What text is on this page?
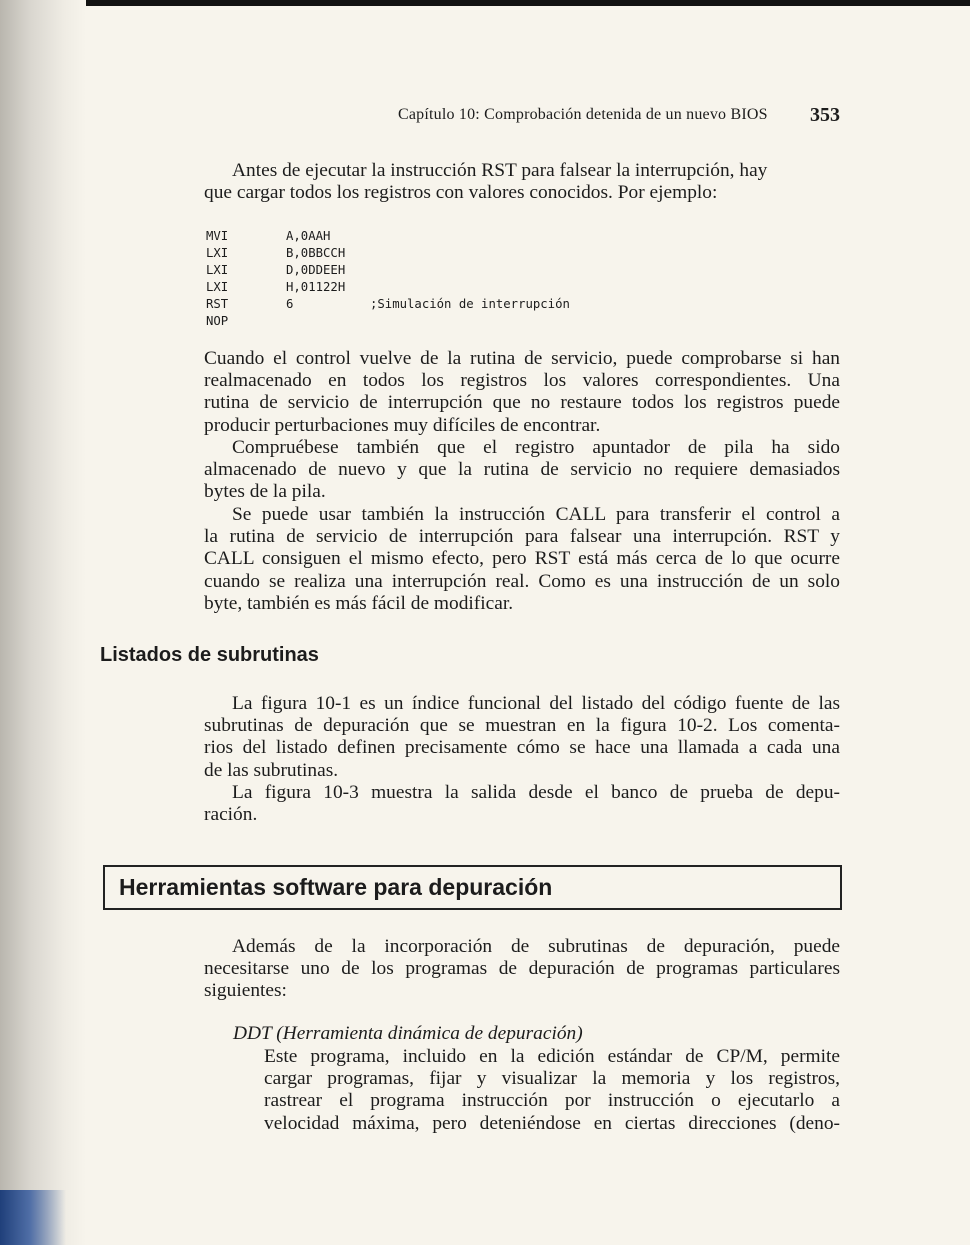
Capítulo 10: Comprobación detenida de un nuevo BIOS 353
Antes de ejecutar la instrucción RST para falsear la interrupción, hay
que cargar todos los registros con valores conocidos. Por ejemplo:
MVI	A,0AAH
LXI	B,0BBCCH
LXI	D,0DDEEH
LXI	H,01122H
RST	6	;Simulación de interrupción
NOP
Cuando el control vuelve de la rutina de servicio, puede comprobarse si han
realmacenado en todos los registros los valores correspondientes. Una
rutina de servicio de interrupción que no restaure todos los registros puede
producir perturbaciones muy difíciles de encontrar.
Compruébese también que el registro apuntador de pila ha sido
almacenado de nuevo y que la rutina de servicio no requiere demasiados
bytes de la pila.
Se puede usar también la instrucción CALL para transferir el control a
la rutina de servicio de interrupción para falsear una interrupción. RST y
CALL consiguen el mismo efecto, pero RST está más cerca de lo que ocurre
cuando se realiza una interrupción real. Como es una instrucción de un solo
byte, también es más fácil de modificar.
Listados de subrutinas
La figura 10-1 es un índice funcional del listado del código fuente de las
subrutinas de depuración que se muestran en la figura 10-2. Los comenta-
rios del listado definen precisamente cómo se hace una llamada a cada una
de las subrutinas.
La figura 10-3 muestra la salida desde el banco de prueba de depu-
ración.
Herramientas software para depuración
Además de la incorporación de subrutinas de depuración, puede
necesitarse uno de los programas de depuración de programas particulares
siguientes:
DDT (Herramienta dinámica de depuración)
Este programa, incluido en la edición estándar de CP/M, permite
cargar programas, fijar y visualizar la memoria y los registros,
rastrear el programa instrucción por instrucción o ejecutarlo a
velocidad máxima, pero deteniéndose en ciertas direcciones (deno-
